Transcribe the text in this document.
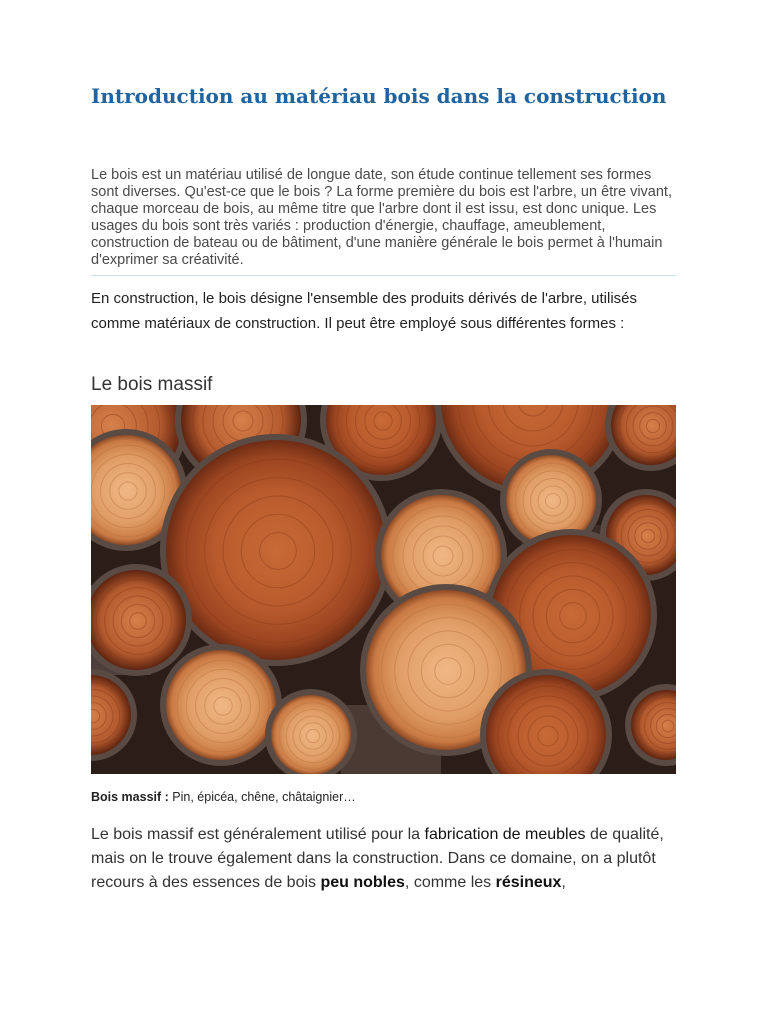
Introduction au matériau bois dans la construction

Le bois est un matériau utilisé de longue date, son étude continue tellement ses formes sont diverses. Qu'est-ce que le bois ? La forme première du bois est l'arbre, un être vivant, chaque morceau de bois, au même titre que l'arbre dont il est issu, est donc unique. Les usages du bois sont très variés : production d'énergie, chauffage, ameublement, construction de bateau ou de bâtiment, d'une manière générale le bois permet à l'humain d'exprimer sa créativité.

En construction, le bois désigne l'ensemble des produits dérivés de l'arbre, utilisés comme matériaux de construction. Il peut être employé sous différentes formes :

Le bois massif

Bois massif : Pin, épicéa, chêne, châtaignier…

Le bois massif est généralement utilisé pour la fabrication de meubles de qualité, mais on le trouve également dans la construction. Dans ce domaine, on a plutôt recours à des essences de bois peu nobles, comme les résineux,
